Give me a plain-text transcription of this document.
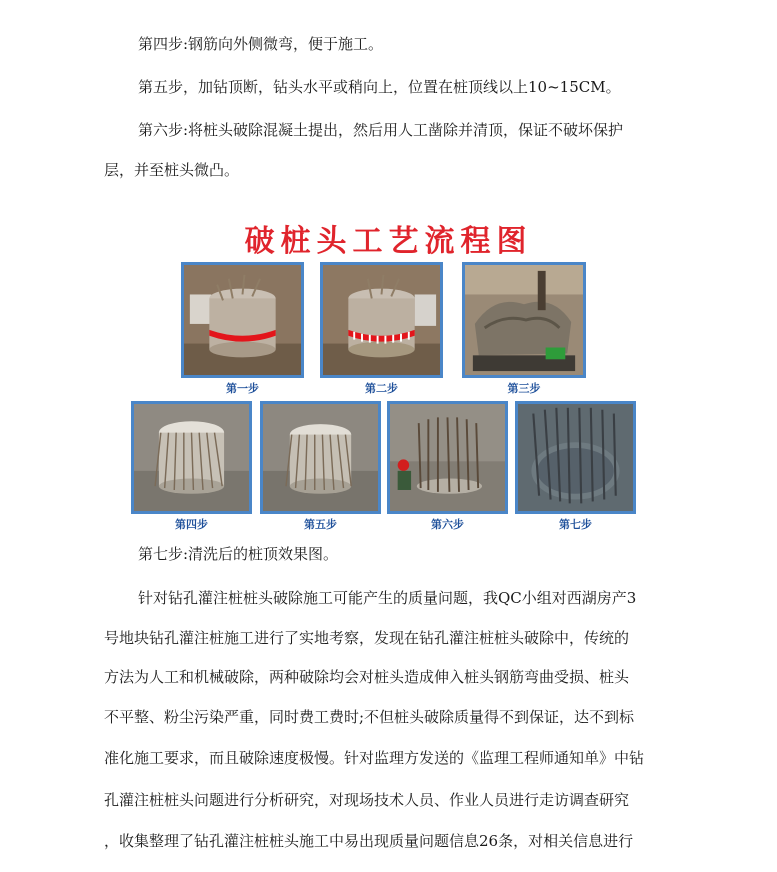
第四步:钢筋向外侧微弯，便于施工。
第五步，加钻顶断，钻头水平或稍向上，位置在桩顶线以上10~15CM。
第六步:将桩头破除混凝土提出，然后用人工凿除并清顶，保证不破坏保护
层，并至桩头微凸。
破桩头工艺流程图
第一步	第二步	第三步
第四步	第五步	第六步	第七步
第七步:清洗后的桩顶效果图。
针对钻孔灌注桩桩头破除施工可能产生的质量问题，我QC小组对西湖房产3
号地块钻孔灌注桩施工进行了实地考察，发现在钻孔灌注桩桩头破除中，传统的
方法为人工和机械破除，两种破除均会对桩头造成伸入桩头钢筋弯曲受损、桩头
不平整、粉尘污染严重，同时费工费时;不但桩头破除质量得不到保证，达不到标
准化施工要求，而且破除速度极慢。针对监理方发送的《监理工程师通知单》中钻
孔灌注桩桩头问题进行分析研究，对现场技术人员、作业人员进行走访调查研究
，收集整理了钻孔灌注桩桩头施工中易出现质量问题信息26条，对相关信息进行
